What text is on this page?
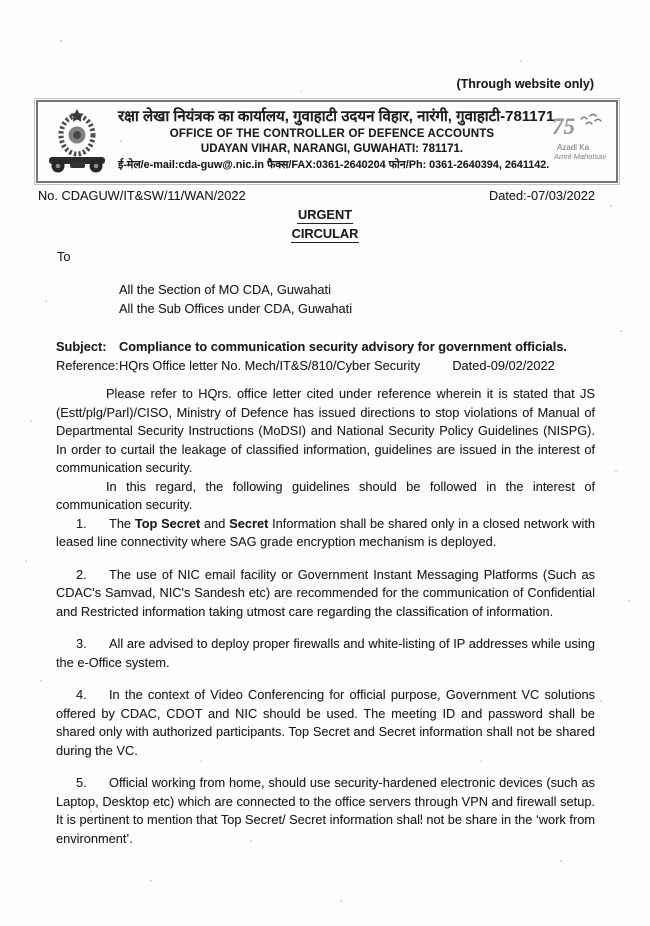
(Through website only)
रक्षा लेखा नियंत्रक का कार्यालय, गुवाहाटी उदयन विहार, नारंगी, गुवाहाटी-781171
OFFICE OF THE CONTROLLER OF DEFENCE ACCOUNTS
UDAYAN VIHAR, NARANGI, GUWAHATI: 781171.
ई-मेल/e-mail:cda-guw@.nic.in फैक्स/FAX:0361-2640204 फोन/Ph: 0361-2640394, 2641142.
75
Azadi Ka
Amrit Mahotsav
No. CDAGUW/IT&SW/11/WAN/2022	Dated:-07/03/2022
URGENT
CIRCULAR
To
All the Section of MO CDA, Guwahati
All the Sub Offices under CDA, Guwahati
Subject: Compliance to communication security advisory for government officials.
Reference: HQrs Office letter No. Mech/IT&S/810/Cyber Security	Dated-09/02/2022

Please refer to HQrs. office letter cited under reference wherein it is stated that JS (Estt/plg/Parl)/CISO, Ministry of Defence has issued directions to stop violations of Manual of Departmental Security Instructions (MoDSI) and National Security Policy Guidelines (NISPG). In order to curtail the leakage of classified information, guidelines are issued in the interest of communication security.

In this regard, the following guidelines should be followed in the interest of communication security.

1. The Top Secret and Secret Information shall be shared only in a closed network with leased line connectivity where SAG grade encryption mechanism is deployed.

2. The use of NIC email facility or Government Instant Messaging Platforms (Such as CDAC's Samvad, NIC's Sandesh etc) are recommended for the communication of Confidential and Restricted information taking utmost care regarding the classification of information.

3. All are advised to deploy proper firewalls and white-listing of IP addresses while using the e-Office system.

4. In the context of Video Conferencing for official purpose, Government VC solutions offered by CDAC, CDOT and NIC should be used. The meeting ID and password shall be shared only with authorized participants. Top Secret and Secret information shall not be shared during the VC.

5. Official working from home, should use security-hardened electronic devices (such as Laptop, Desktop etc) which are connected to the office servers through VPN and firewall setup. It is pertinent to mention that Top Secret/ Secret information shall not be share in the ‘work from environment’.
